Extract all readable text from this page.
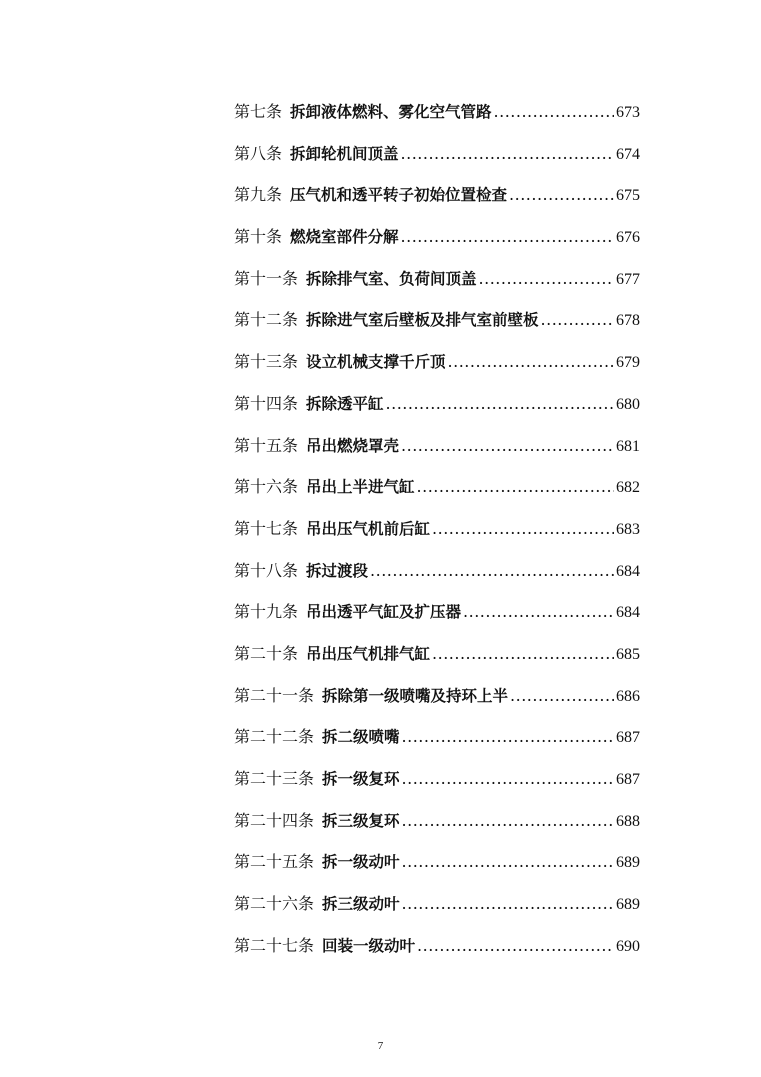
第七条 拆卸液体燃料、雾化空气管路 .....	673
第八条 拆卸轮机间顶盖 .....	674
第九条 压气机和透平转子初始位置检查 .....	675
第十条 燃烧室部件分解 .....	676
第十一条 拆除排气室、负荷间顶盖 .....	677
第十二条 拆除进气室后壁板及排气室前壁板 .....	678
第十三条 设立机械支撑千斤顶 .....	679
第十四条 拆除透平缸 .....	680
第十五条 吊出燃烧罩壳 .....	681
第十六条 吊出上半进气缸 .....	682
第十七条 吊出压气机前后缸 .....	683
第十八条 拆过渡段 .....	684
第十九条 吊出透平气缸及扩压器 .....	684
第二十条 吊出压气机排气缸 .....	685
第二十一条 拆除第一级喷嘴及持环上半 .....	686
第二十二条 拆二级喷嘴 .....	687
第二十三条 拆一级复环 .....	687
第二十四条 拆三级复环 .....	688
第二十五条 拆一级动叶 .....	689
第二十六条 拆三级动叶 .....	689
第二十七条 回装一级动叶 .....	690
7
